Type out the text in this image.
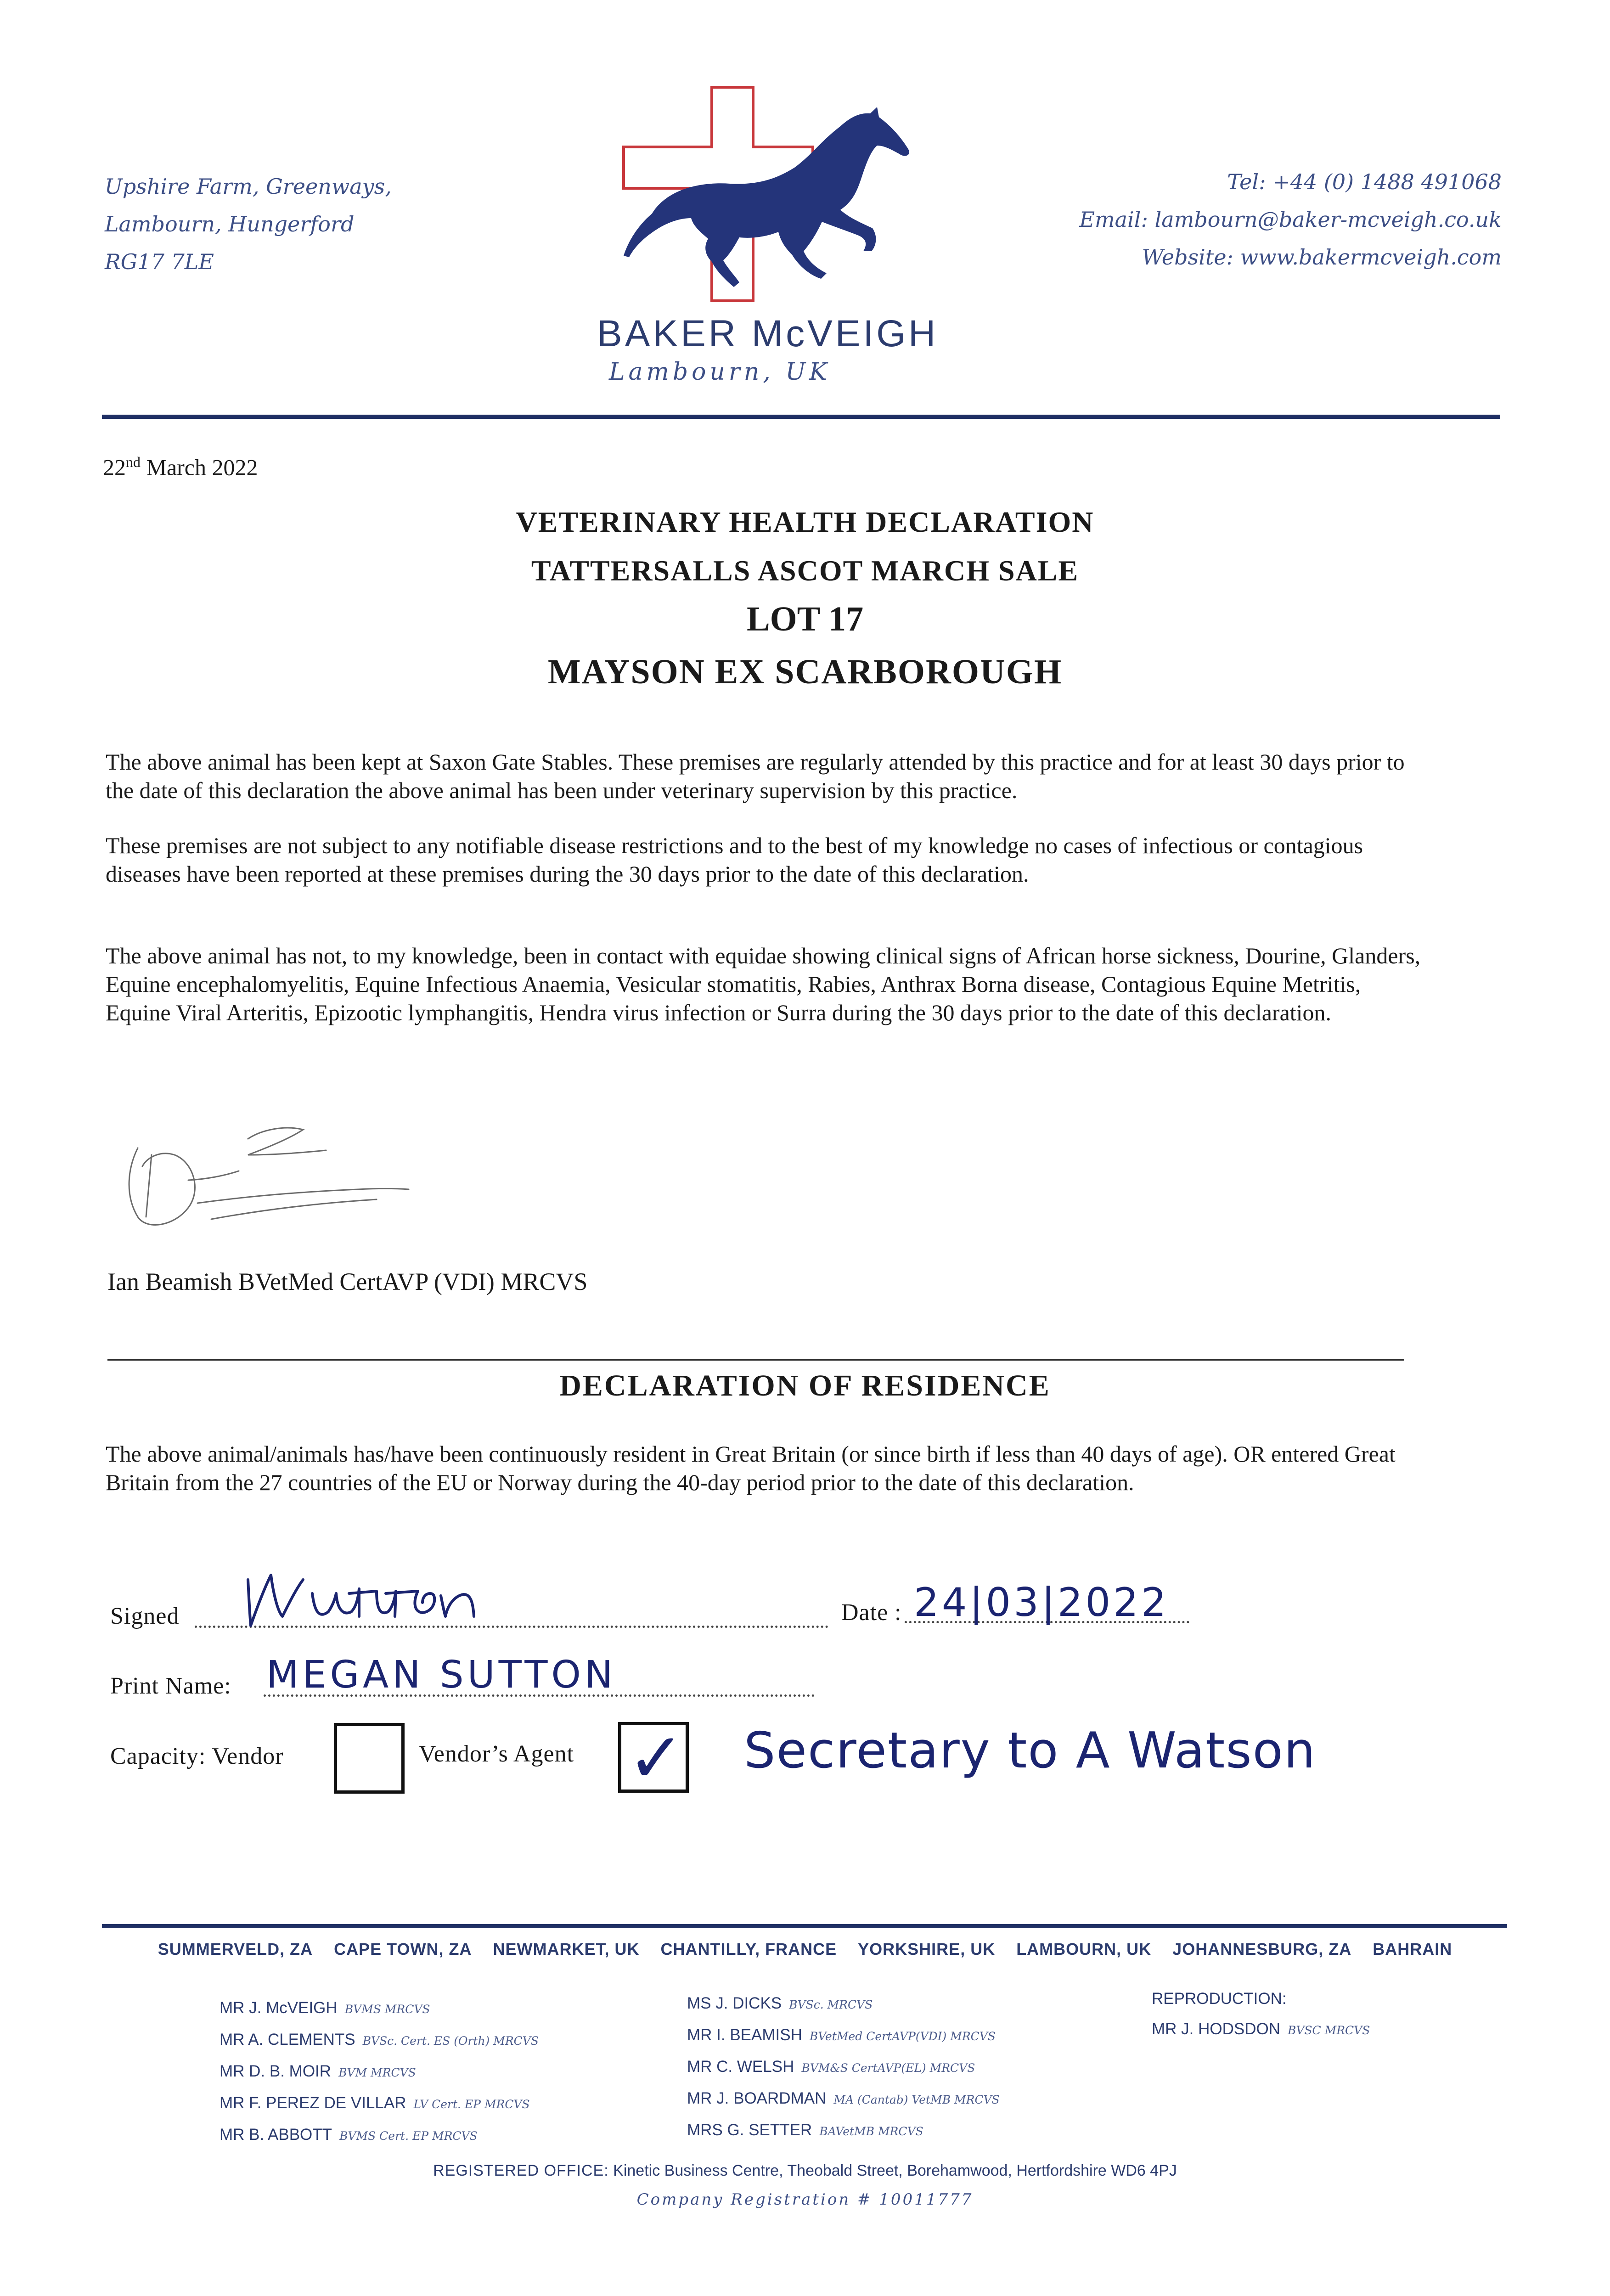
Upshire Farm, Greenways,
Lambourn, Hungerford
RG17 7LE
BAKER McVEIGH
Lambourn, UK
Tel: +44 (0) 1488 491068
Email: lambourn@baker-mcveigh.co.uk
Website: www.bakermcveigh.com
22nd March 2022
VETERINARY HEALTH DECLARATION
TATTERSALLS ASCOT MARCH SALE
LOT 17
MAYSON EX SCARBOROUGH
The above animal has been kept at Saxon Gate Stables. These premises are regularly attended by this practice and for at least 30 days prior to the date of this declaration the above animal has been under veterinary supervision by this practice.
These premises are not subject to any notifiable disease restrictions and to the best of my knowledge no cases of infectious or contagious diseases have been reported at these premises during the 30 days prior to the date of this declaration.
The above animal has not, to my knowledge, been in contact with equidae showing clinical signs of African horse sickness, Dourine, Glanders, Equine encephalomyelitis, Equine Infectious Anaemia, Vesicular stomatitis, Rabies, Anthrax Borna disease, Contagious Equine Metritis, Equine Viral Arteritis, Epizootic lymphangitis, Hendra virus infection or Surra during the 30 days prior to the date of this declaration.
Ian Beamish BVetMed CertAVP (VDI) MRCVS
DECLARATION OF RESIDENCE
The above animal/animals has/have been continuously resident in Great Britain (or since birth if less than 40 days of age). OR entered Great Britain from the 27 countries of the EU or Norway during the 40-day period prior to the date of this declaration.
Signed	Date : 24|03|2022
Print Name: MEGAN SUTTON
Capacity: Vendor	Vendor’s Agent ✓ Secretary to A Watson
SUMMERVELD, ZA CAPE TOWN, ZA NEWMARKET, UK CHANTILLY, FRANCE YORKSHIRE, UK LAMBOURN, UK JOHANNESBURG, ZA BAHRAIN
MR J. McVEIGH BVMS MRCVS
MR A. CLEMENTS BVSc. Cert. ES (Orth) MRCVS
MR D. B. MOIR BVM MRCVS
MR F. PEREZ DE VILLAR LV Cert. EP MRCVS
MR B. ABBOTT BVMS Cert. EP MRCVS
MS J. DICKS BVSc. MRCVS
MR I. BEAMISH BVetMed CertAVP(VDI) MRCVS
MR C. WELSH BVM&S CertAVP(EL) MRCVS
MR J. BOARDMAN MA (Cantab) VetMB MRCVS
MRS G. SETTER BAVetMB MRCVS
REPRODUCTION:
MR J. HODSDON BVSC MRCVS
REGISTERED OFFICE: Kinetic Business Centre, Theobald Street, Borehamwood, Hertfordshire WD6 4PJ
Company Registration # 10011777
